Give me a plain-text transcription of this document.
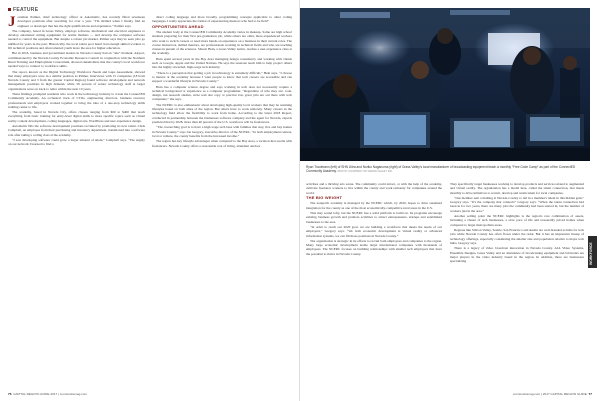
FEATURE

Jonathan Palmer, chief technology officer at Automattic, has recently filled seventeen developer positions after searching for over a year. “I'm thrilled when I finally find an engineer or developer that has the right qualifications and experience,” Palmer says.

The company, based in Grass Valley, employs software, mechanical and electrical engineers to develop automated cutting equipment for textile markets — and develop the computer software needed to control the equipment. But despite a robust job market, Palmer says they've seen jobs go unfilled for years in the past. Historically, the local talent pool hasn't had enough skilled workers to fill technical positions and often talented youth leave the area for higher education.

But in 2016, business and government leaders in Nevada County had an “aha” moment. Airport, commissioned by the Nevada County Economic Resource Council in conjunction with the Northern Rural Training and Employment Consortium, showed stakeholders that the county's local workforce needed ways to connect to workforce skills.

The report, known as the Digital Technology Workforce Needs and Gaps Assessment, showed that many employers were in a similar position as Palmer. Interviews with 15 companies (18 from Nevada County and 3 from the greater Capital Region) found software development and network management positions in high demand, while 56 percent of senior technology staff at larger organizations were on track to retire within the next 10 years.

These findings prompted residents who work in the technology industry to create the ConnectED Community Academy. An orchestral track of CTOs, engineering directors, business resource professionals and employers worked together to bring the idea of a one-stop technology skills training center to life.

The academy, based in Nevada City, offers classes ranging from $60 to $400 that teach everything from basic training for entry-level digital skills to more specific topics such as virtual reality content development, coding languages, digital arts, WordPress and user experience design.

Automattic fills the software development positions recruited by promoting its new talent. Chris Campbell, an employee from their purchasing and inventory department, transitioned into a software role after taking a coding class at the academy.

“I saw developing software could grow a larger amount of talent,” Campbell says. “The supply on our network I learned to find a

direct coding language and more broadly, programming concepts applicable to other coding languages. I really appreciate the format of experiencing mentors who had to be field”

OPPORTUNITIES AHEAD

The student body at the ConnectED Community Academy varies in makeup. Some are high school students preparing for their first pre-graduation job, while others are older, more experienced workers who want to switch careers or need more hands-on experience on a business in their current roles. The course instructors, skilled mentors, are professionals working in technical fields and who are teaching classes in pursuit of the sciences. Shawn Hein, a Grass Valley native, teaches a user experience class at the academy.

Hein spent several years in the Bay Area managing design consultancy and working with clients such as Google, Apple and the United Nations. He says the sessions teach him to help project others into the highly rewarded, high-wage tech industry.

“There is a perception that getting a job in technology is extremely difficult,” Hein says. “I choose to mentor at the academy because I want people to know that tech careers are accessible and can support a wonderful lifestyle in Nevada County.”

Hein has a computer science degree and says working in tech does not necessarily require a technical background or experience as a computer programmer. “Regardless of who they are: code, design, run research studies, write web site copy or practice law, great jobs are out there with tech companies,” she says.

The NCERC is also enthusiastic about developing high-quality local workers that may be retaining lifestyles based on both sides of the region. But others have to work remotely. Many careers in the technology field allow the flexibility to work from home. According to the latest 2018 Report, conducted in partnership between the businesses software company and the agent for Nevada, experts predicted that by 2028, more than 40 percent of the U.S. workforce will be freelancers.

“The overarching goal is to have a high-wage tech base with families that stay, live and buy homes in Nevada County,” says Jon Gregory, executive director of the NCERC. “In both employment centers, local or remote, the county benefits from the increased income.”

The region has key lifestyle advantages when compared to the Bay Area, a location that swells with freelancers. Nevada County offers a reasonable cost of living, abundant outdoor

76 CAPITAL REGION GUIDE 2017 | comstocksmag.com

activities and a thriving arts scene. The community could attract, or with the help of the academy, cultivate freelance workers to live within the county and work remotely for companies around the world.

THE BIG WEIGHT

The nonprofit academy is managed by the NCERC which, by 2020, hopes to drive sustained integration for the county as one of the most economically-competitive rural areas in the U.S.

This may sound lofty, but the NCERC has a solid platform to build on. Its programs encourage existing business growth and promote activities to attract entrepreneurs, startups and established businesses to the area.

“In order to reach our 2020 goal, we are building a workforce that meets the needs of our employers,” Gregory says. “We both economic development is virtual reality or advanced information systems, we can fill those positions in Nevada County.”

The organization is strategic in its efforts to recruit both employees and companies to the region. Many large economic development teams target international companies with thousands of employees. The NCERC focuses on building relationships with smaller tech employers that have the potential to thrive in Nevada County.

They specifically target businesses working to develop products and services related to augmented and virtual reality. The organization has a model here, called the talent connection, that meets monthly to drive initiatives to recruit, develop and retain talent for local companies.

“Our member sent a mailing at Nevada County to tell in a member's talent in this hidden gem,” Gregory says. “It's the company that connects” Gregory says. “When the talent connection had been in for two years, there are many jobs the community had been started in, but the number of workers just in the area.”

Another selling point the NCERC highlights is the region's rare combination of assets, including a cluster of tech businesses, a slow pace of life and reasonably priced homes when compared to larger metropolitan areas.

Regions like Silicon Valley, Seattle, San Francisco and Austin are well-branded as hubs for tech jobs while Nevada County has often flown under the radar. But it has an impressive lineup of technology offerings, especially considering the smaller size and population relative to major tech hubs, Gregory says.

There is a legacy of video broadcast innovation in Nevada County. AJA Video Systems, Ensemble Designs, Grass Valley and an abundance of broadcasting equipment and fabricants are major players in the video industry based in the region. In addition, there are businesses specializing

comstocksmag.com | 2017 CAPITAL REGION GUIDE 77
Ryan Trautmann (left) of SHN Ultra and Noriko Naganuma (right) of Grass Valley's local manufacturer of broadcasting equipment teach a monthly “Free Code Camp” as part of the ConnectED Community Academy. PHOTO: COURTESY OF GRASS VALLEY INC.
WORKFORCE
